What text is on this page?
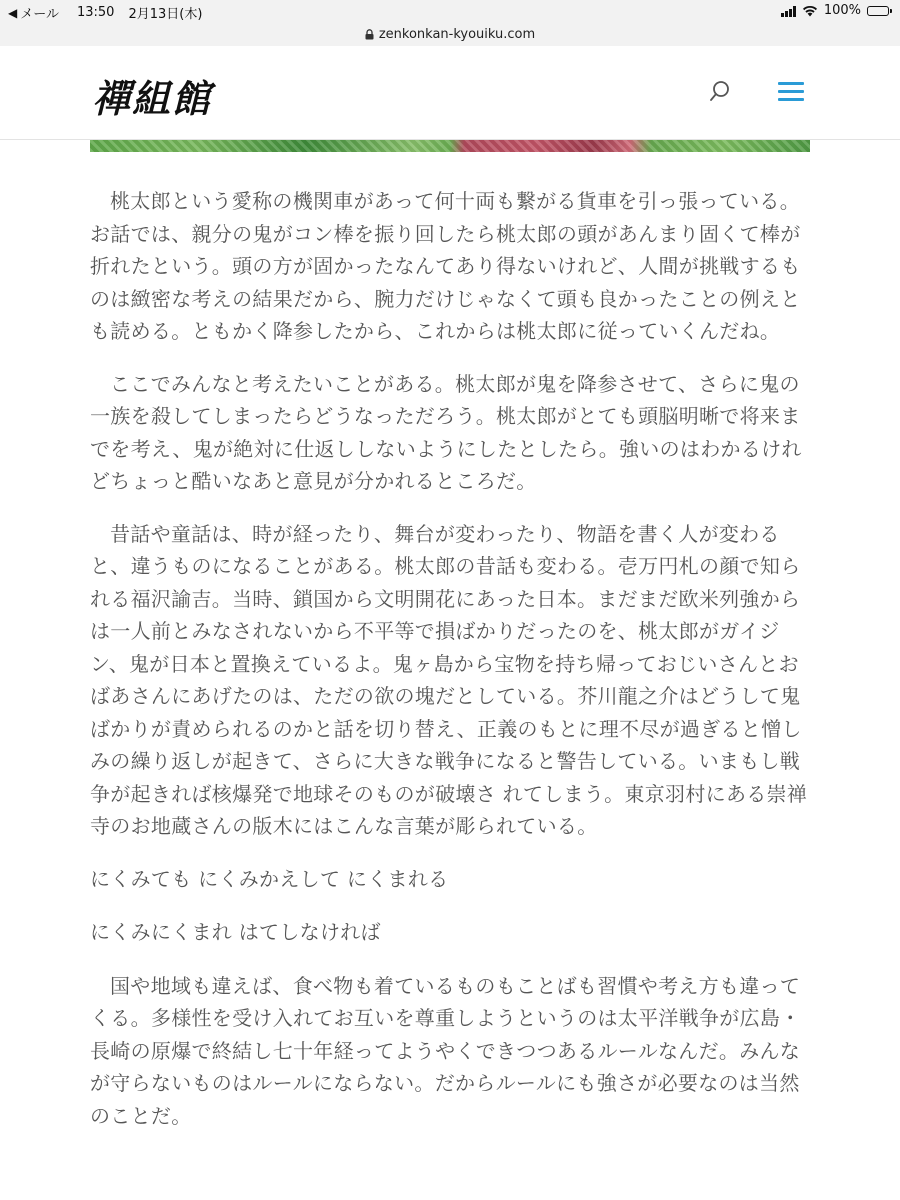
◀ メール 13:50 2月13日(木)	100%
zenkonkan-kyouiku.com
禪組館

桃太郎という愛称の機関車があって何十両も繋がる貨車を引っ張っている。お話では、親分の鬼がコン棒を振り回したら桃太郎の頭があんまり固くて棒が折れたという。頭の方が固かったなんてあり得ないけれど、人間が挑戦するものは緻密な考えの結果だから、腕力だけじゃなくて頭も良かったことの例えと も読める。ともかく降参したから、これからは桃太郎に従っていくんだね。

ここでみんなと考えたいことがある。桃太郎が鬼を降参させて、さらに鬼の一族を殺してしまったらどうなっただろう。桃太郎がとても頭脳明晰で将来までを考え、鬼が絶対に仕返ししないようにしたとしたら。強いのはわかるけれどちょっと酷いなあと意見が分かれるところだ。

昔話や童話は、時が経ったり、舞台が変わったり、物語を書く人が変わると、違うものになることがある。桃太郎の昔話も変わる。壱万円札の顔で知られる福沢諭吉。当時、鎖国から文明開花にあった日本。まだまだ欧米列強からは一人前とみなされないから不平等で損ばかりだったのを、桃太郎がガイジン、鬼が日本と置換えているよ。鬼ヶ島から宝物を持ち帰っておじいさんとおばあさんにあげたのは、ただの欲の塊だとしている。芥川龍之介はどうして鬼ばかりが責められるのかと話を切り替え、正義のもとに理不尽が過ぎると憎しみの繰り返しが起きて、さらに大きな戦争になると警告している。いまもし戦争が起きれば核爆発で地球そのものが破壊さ れてしまう。東京羽村にある崇禅寺のお地蔵さんの版木にはこんな言葉が彫られている。

にくみても にくみかえして にくまれる

にくみにくまれ はてしなければ

国や地域も違えば、食べ物も着ているものもことばも習慣や考え方も違ってくる。多様性を受け入れてお互いを尊重しようというのは太平洋戦争が広島・長崎の原爆で終結し七十年経ってようやくできつつあるルールなんだ。みんなが守らないものはルールにならない。だからルールにも強さが必要なのは当然のことだ。
